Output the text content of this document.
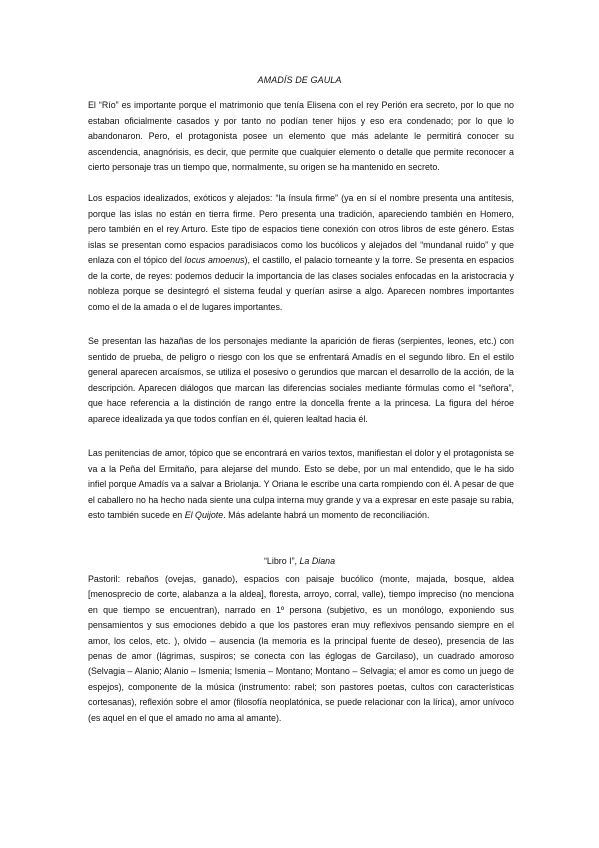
AMADÍS DE GAULA

El “Río” es importante porque el matrimonio que tenía Elisena con el rey Perión era secreto, por lo que no estaban oficialmente casados y por tanto no podían tener hijos y eso era condenado; por lo que lo abandonaron. Pero, el protagonista posee un elemento que más adelante le permitirá conocer su ascendencia, anagnórisis, es decir, que permite que cualquier elemento o detalle que permite reconocer a cierto personaje tras un tiempo que, normalmente, su origen se ha mantenido en secreto.

Los espacios idealizados, exóticos y alejados: “la ínsula firme” (ya en sí el nombre presenta una antítesis, porque las islas no están en tierra firme. Pero presenta una tradición, apareciendo también en Homero, pero también en el rey Arturo. Este tipo de espacios tiene conexión con otros libros de este género. Estas islas se presentan como espacios paradisiacos como los bucólicos y alejados del “mundanal ruido” y que enlaza con el tópico del locus amoenus), el castillo, el palacio torneante y la torre. Se presenta en espacios de la corte, de reyes: podemos deducir la importancia de las clases sociales enfocadas en la aristocracia y nobleza porque se desintegró el sistema feudal y querían asirse a algo. Aparecen nombres importantes como el de la amada o el de lugares importantes.

Se presentan las hazañas de los personajes mediante la aparición de fieras (serpientes, leones, etc.) con sentido de prueba, de peligro o riesgo con los que se enfrentará Amadís en el segundo libro. En el estilo general aparecen arcaísmos, se utiliza el posesivo o gerundios que marcan el desarrollo de la acción, de la descripción. Aparecen diálogos que marcan las diferencias sociales mediante fórmulas como el “señora”, que hace referencia a la distinción de rango entre la doncella frente a la princesa. La figura del héroe aparece idealizada ya que todos confían en él, quieren lealtad hacia él.

Las penitencias de amor, tópico que se encontrará en varios textos, manifiestan el dolor y el protagonista se va a la Peña del Ermitaño, para alejarse del mundo. Esto se debe, por un mal entendido, que le ha sido infiel porque Amadís va a salvar a Briolanja. Y Oriana le escribe una carta rompiendo con él. A pesar de que el caballero no ha hecho nada siente una culpa interna muy grande y va a expresar en este pasaje su rabia, esto también sucede en El Quijote. Más adelante habrá un momento de reconciliación.

“Libro I”, La Diana

Pastoril: rebaños (ovejas, ganado), espacios con paisaje bucólico (monte, majada, bosque, aldea [menosprecio de corte, alabanza a la aldea], floresta, arroyo, corral, valle), tiempo impreciso (no menciona en que tiempo se encuentran), narrado en 1º persona (subjetivo, es un monólogo, exponiendo sus pensamientos y sus emociones debido a que los pastores eran muy reflexivos pensando siempre en el amor, los celos, etc. ), olvido – ausencia (la memoria es la principal fuente de deseo), presencia de las penas de amor (lágrimas, suspiros; se conecta con las églogas de Garcilaso), un cuadrado amoroso (Selvagia – Alanio; Alanio – Ismenia; Ismenia – Montano; Montano – Selvagia; el amor es como un juego de espejos), componente de la música (instrumento: rabel; son pastores poetas, cultos con características cortesanas), reflexión sobre el amor (filosofía neoplatónica, se puede relacionar con la lírica), amor unívoco (es aquel en el que el amado no ama al amante).
